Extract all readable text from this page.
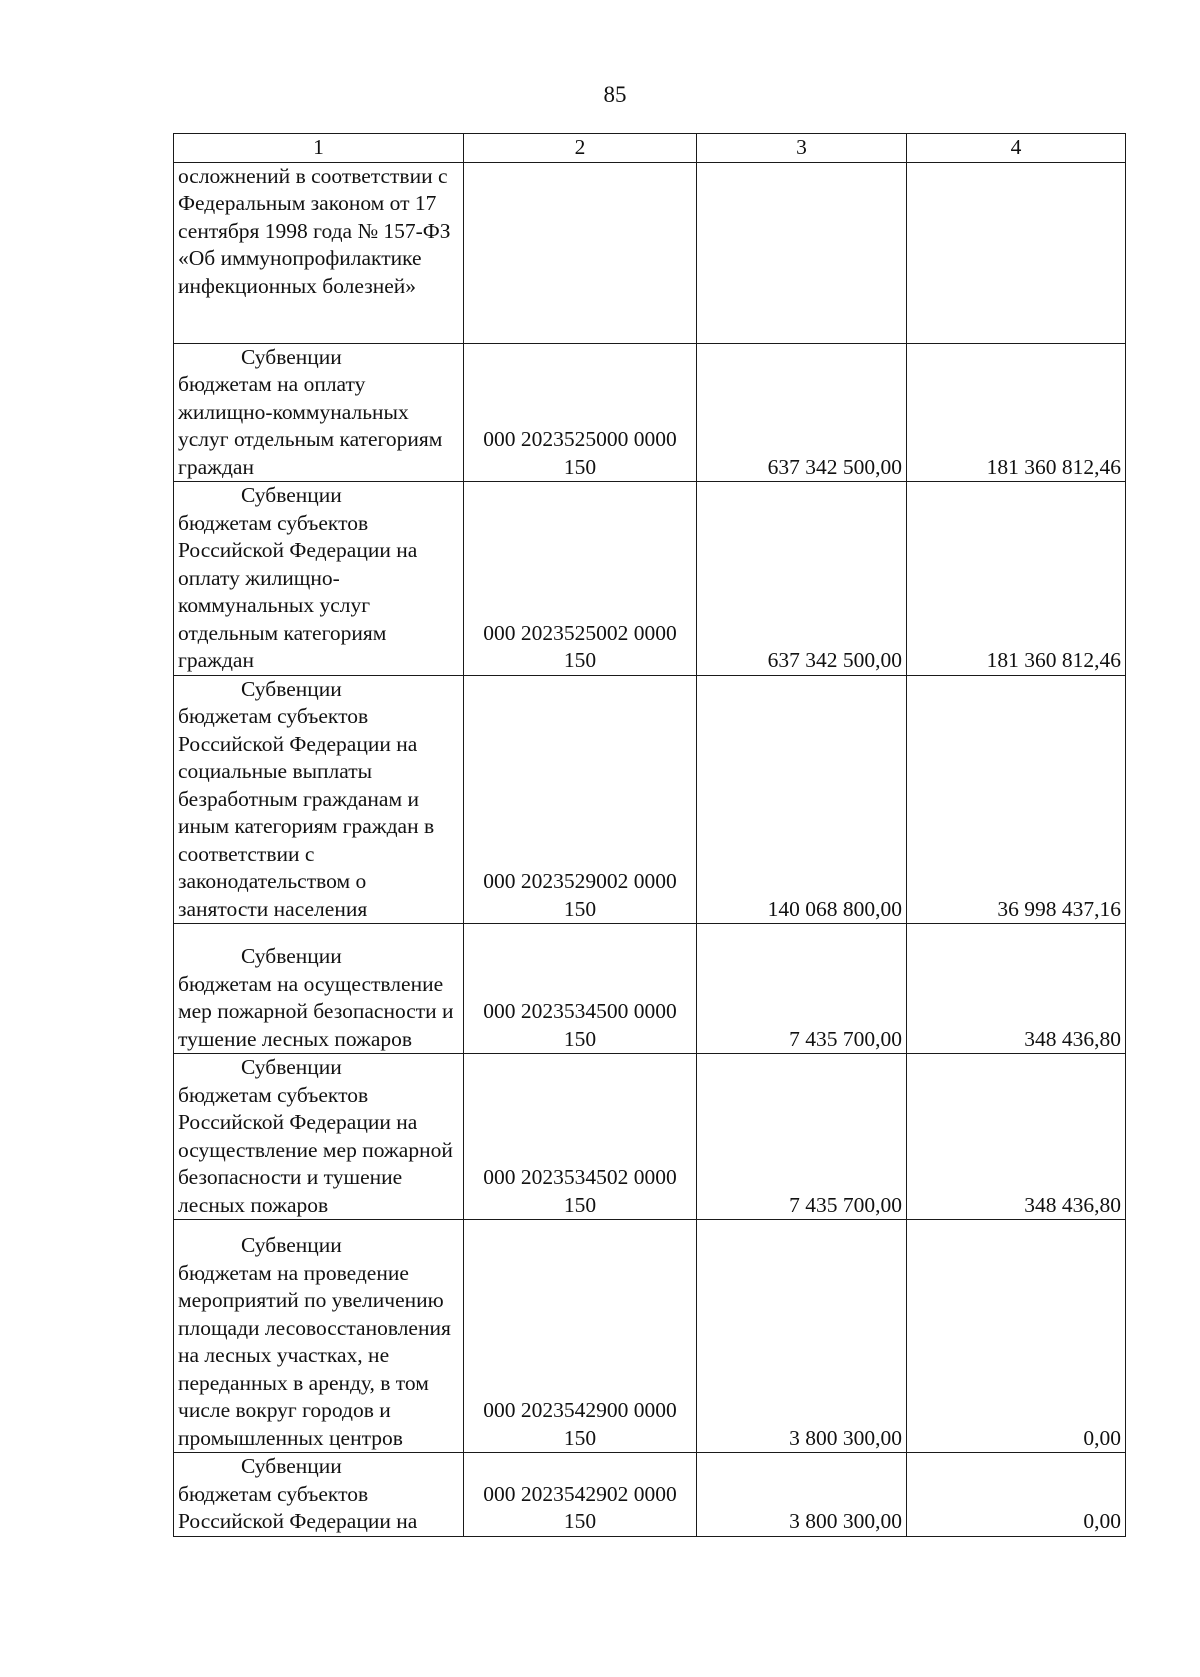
85
1	2	3	4

осложнений в соответствии с Федеральным законом от 17 сентября 1998 года № 157-ФЗ «Об иммунопрофилактике инфекционных болезней»			

Субвенции
бюджетам на оплату жилищно-коммунальных услуг отдельным категориям граждан	000 2023525000 0000 150	637 342 500,00	181 360 812,46

Субвенции
бюджетам субъектов Российской Федерации на оплату жилищно-коммунальных услуг отдельным категориям граждан	000 2023525002 0000 150	637 342 500,00	181 360 812,46

Субвенции
бюджетам субъектов Российской Федерации на социальные выплаты безработным гражданам и иным категориям граждан в соответствии с законодательством о занятости населения	000 2023529002 0000 150	140 068 800,00	36 998 437,16

Субвенции
бюджетам на осуществление мер пожарной безопасности и тушение лесных пожаров	000 2023534500 0000 150	7 435 700,00	348 436,80

Субвенции
бюджетам субъектов Российской Федерации на осуществление мер пожарной безопасности и тушение лесных пожаров	000 2023534502 0000 150	7 435 700,00	348 436,80

Субвенции
бюджетам на проведение мероприятий по увеличению площади лесовосстановления на лесных участках, не переданных в аренду, в том числе вокруг городов и промышленных центров	000 2023542900 0000 150	3 800 300,00	0,00

Субвенции
бюджетам субъектов Российской Федерации на	000 2023542902 0000 150	3 800 300,00	0,00
